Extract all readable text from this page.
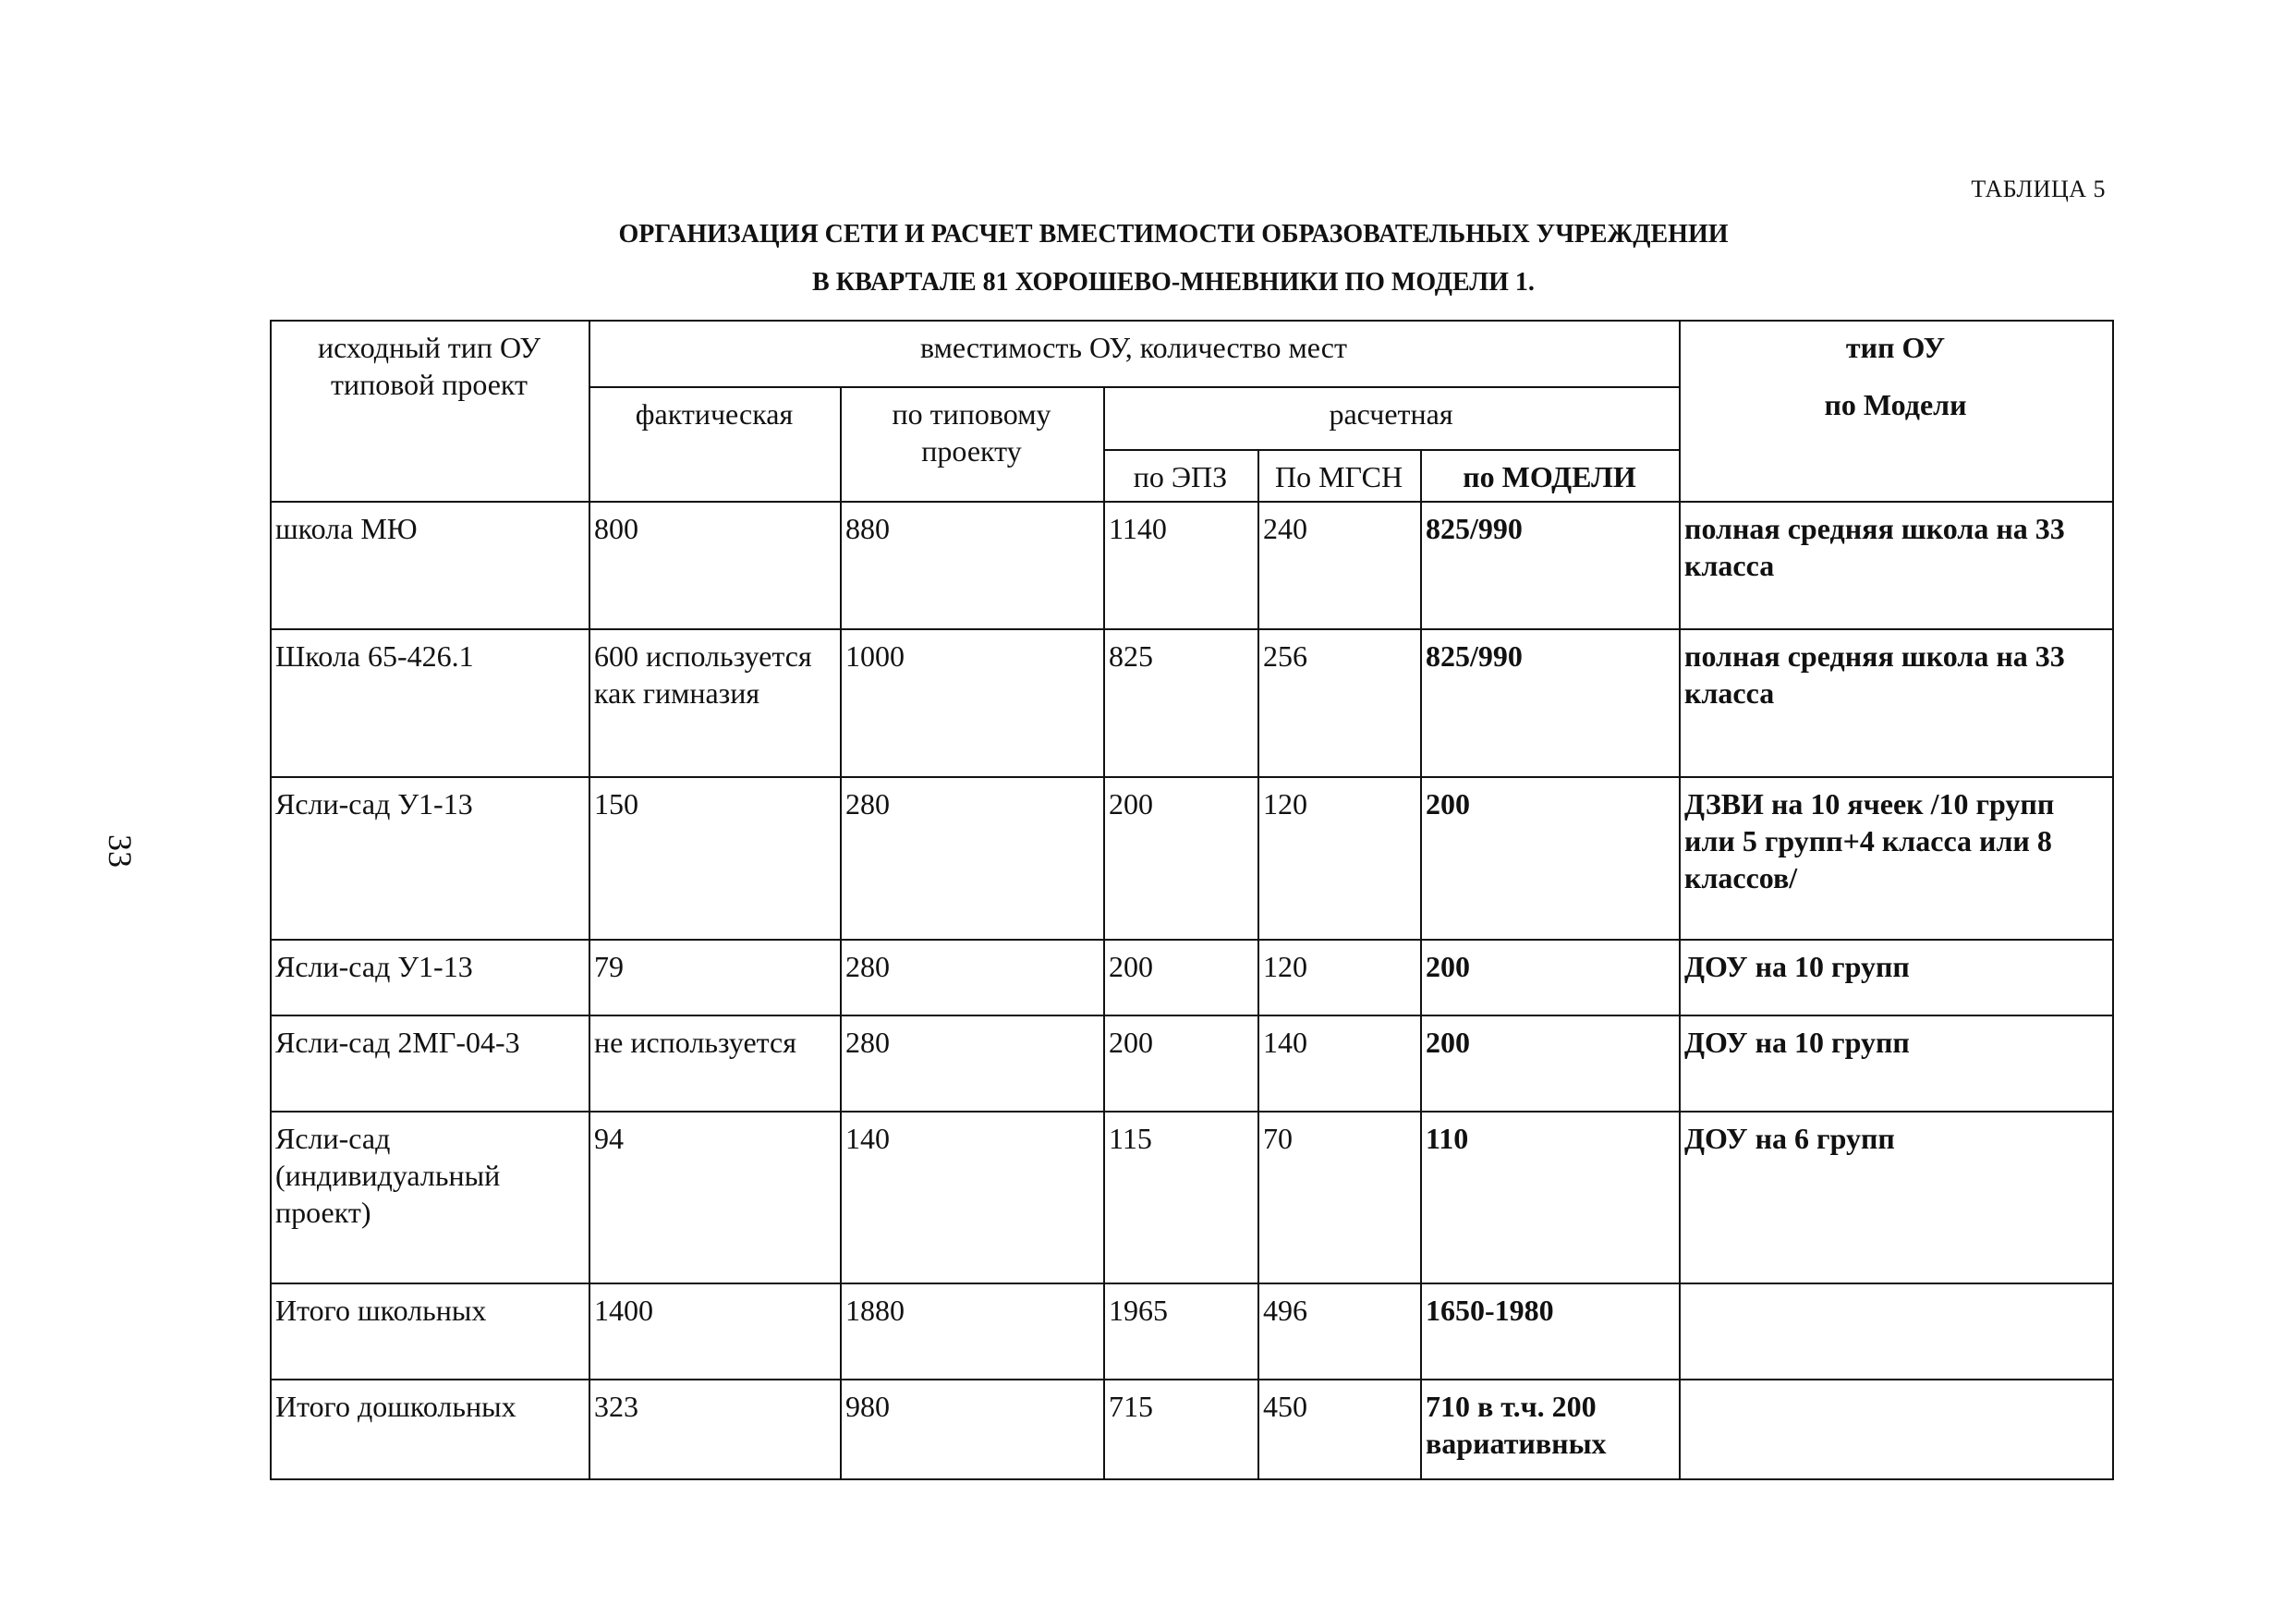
33
ТАБЛИЦА 5
ОРГАНИЗАЦИЯ СЕТИ И РАСЧЕТ ВМЕСТИМОСТИ ОБРАЗОВАТЕЛЬНЫХ УЧРЕЖДЕНИИ
В КВАРТАЛЕ 81 ХОРОШЕВО-МНЕВНИКИ ПО МОДЕЛИ 1.
исходный тип ОУ типовой проект	вместимость ОУ, количество мест					тип ОУ
по Модели

	фактическая	по типовому проекту	расчетная			
			по ЭПЗ	По МГСН	по МОДЕЛИ	
школа МЮ	800	880	1140	240	825/990	полная средняя школа на 33 класса
Школа 65-426.1	600 используется как гимназия	1000	825	256	825/990	полная средняя школа на 33 класса
Ясли-сад У1-13	150	280	200	120	200	ДЗВИ на 10 ячеек /10 групп или 5 групп+4 класса или 8 классов/
Ясли-сад У1-13	79	280	200	120	200	ДОУ на 10 групп
Ясли-сад 2МГ-04-3	не используется	280	200	140	200	ДОУ на 10 групп
Ясли-сад (индивидуальный проект)	94	140	115	70	110	ДОУ на 6 групп
Итого школьных	1400	1880	1965	496	1650-1980	
Итого дошкольных	323	980	715	450	710 в т.ч. 200 вариативных	
